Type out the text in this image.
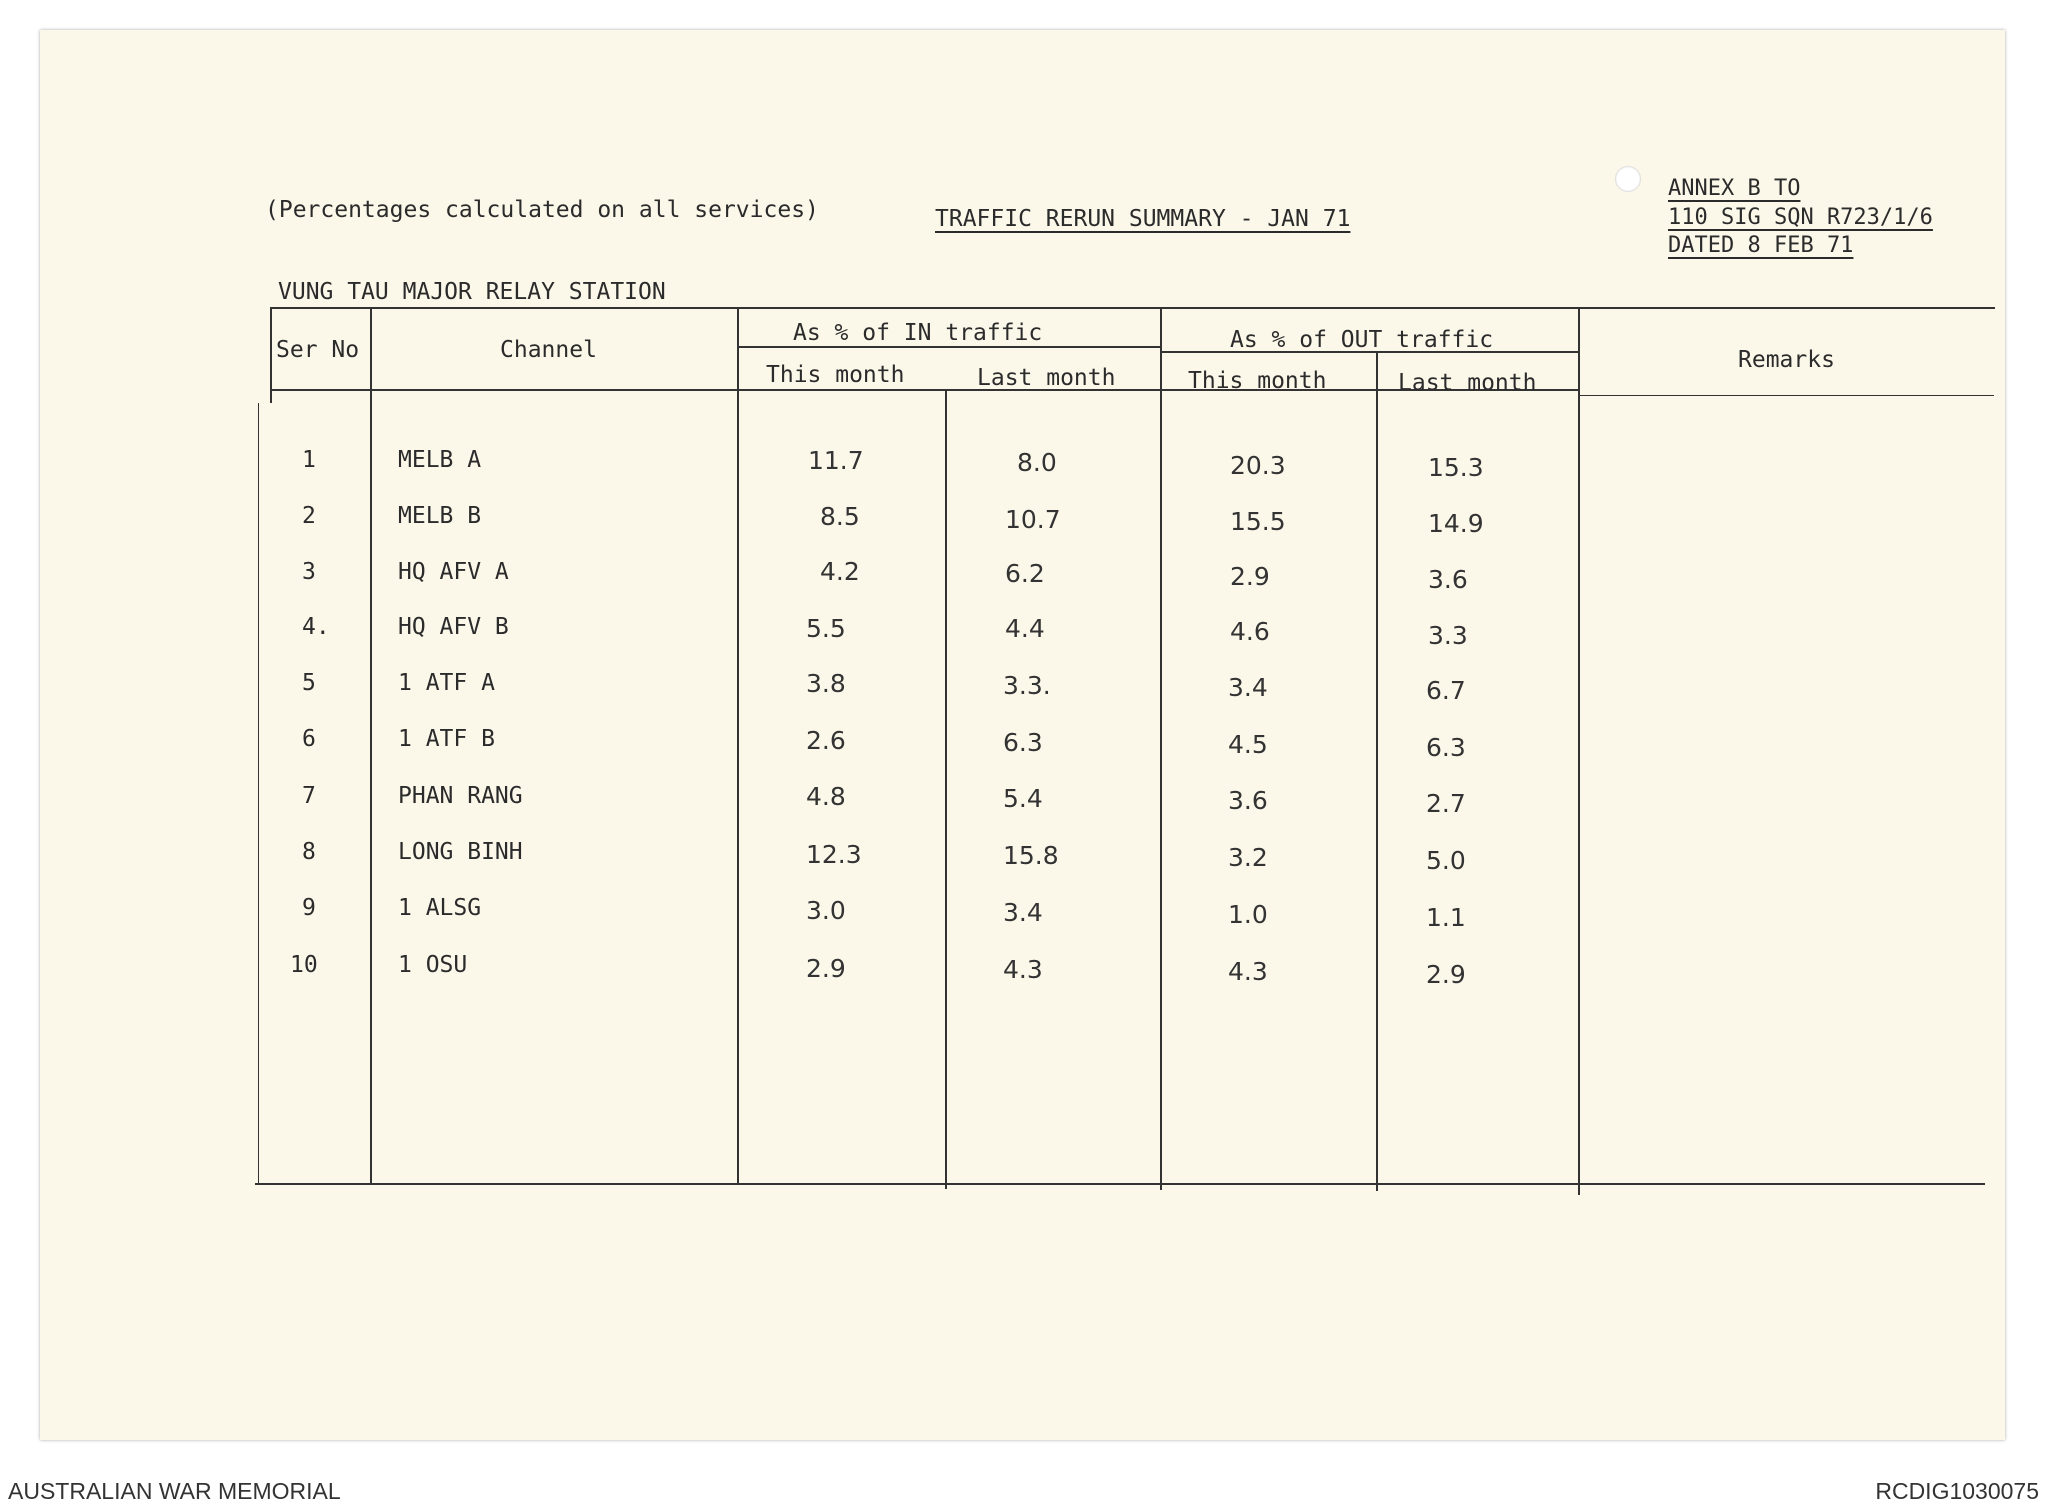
(Percentages calculated on all services)	TRAFFIC RERUN SUMMARY - JAN 71
ANNEX B TO
110 SIG SQN R723/1/6
DATED 8 FEB 71
VUNG TAU MAJOR RELAY STATION
Ser No	Channel
As % of IN traffic	As % of OUT traffic
This month	Last month	This month	Last month
Remarks
1	MELB A	11.7	8.0	20.3	15.3
2	MELB B	8.5	10.7	15.5	14.9
3	HQ AFV A	4.2	6.2	2.9	3.6
4.	HQ AFV B	5.5	4.4	4.6	3.3
5	1 ATF A	3.8	3.3.	3.4	6.7
6	1 ATF B	2.6	6.3	4.5	6.3
7	PHAN RANG	4.8	5.4	3.6	2.7
8	LONG BINH	12.3	15.8	3.2	5.0
9	1 ALSG	3.0	3.4	1.0	1.1
10	1 OSU	2.9	4.3	4.3	2.9
AUSTRALIAN WAR MEMORIAL	RCDIG1030075
